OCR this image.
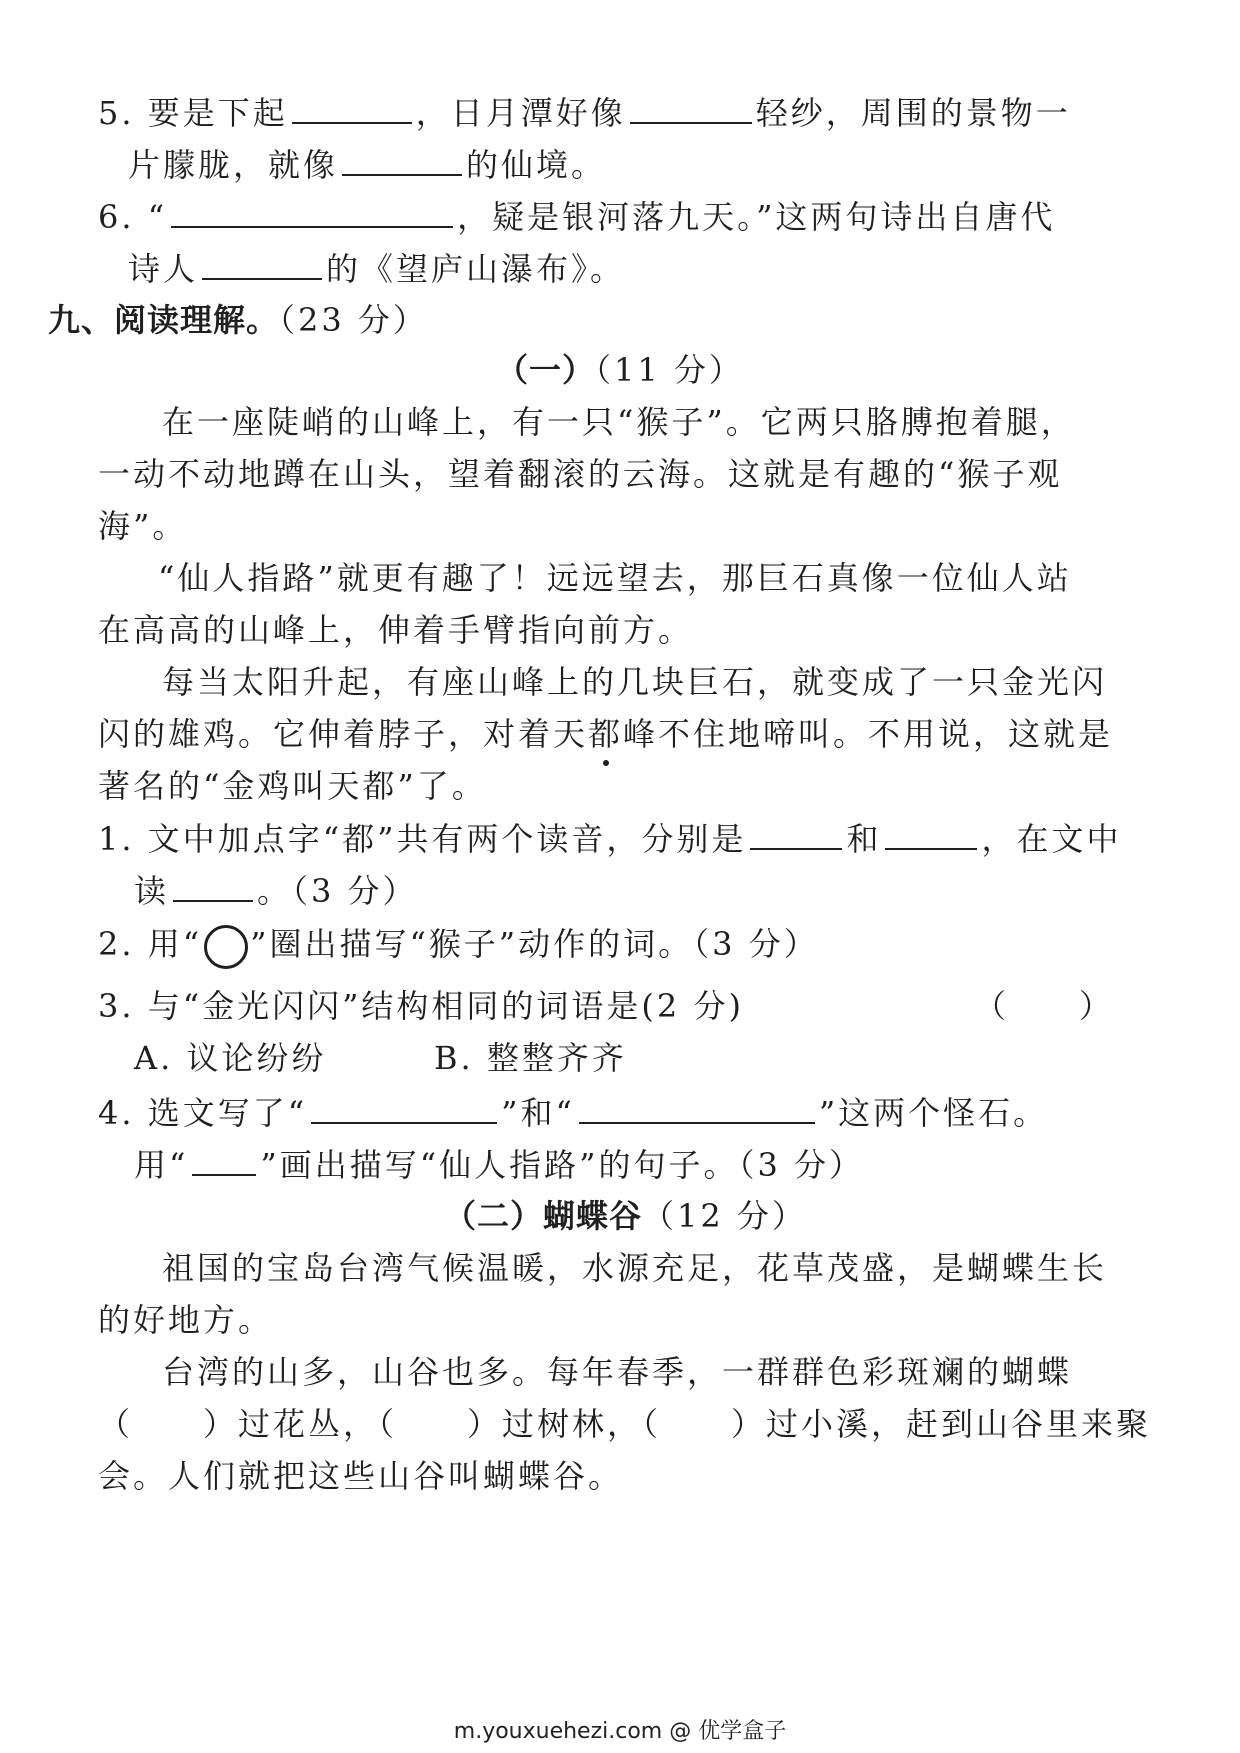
5. 要是下起	，日月潭好像	轻纱，周围的景物一
片朦胧，就像	的仙境。
6. “	，疑是银河落九天。”这两句诗出自唐代
诗人	的《望庐山瀑布》。
九、阅读理解。（23 分）
（一）（11 分）
在一座陡峭的山峰上，有一只“猴子”。它两只胳膊抱着腿，
一动不动地蹲在山头，望着翻滚的云海。这就是有趣的“猴子观
海”。
“仙人指路”就更有趣了！远远望去，那巨石真像一位仙人站
在高高的山峰上，伸着手臂指向前方。
每当太阳升起，有座山峰上的几块巨石，就变成了一只金光闪
闪的雄鸡。它伸着脖子，对着天都峰不住地啼叫。不用说，这就是
著名的“金鸡叫天都”了。
1. 文中加点字“都”共有两个读音，分别是	和	，在文中
读	。（3 分）
2. 用“ ”圈出描写“猴子”动作的词。（3 分）
3. 与“金光闪闪”结构相同的词语是(2 分)	（　　）
A. 议论纷纷	B. 整整齐齐
4. 选文写了“	”和“	”这两个怪石。
用“ ”画出描写“仙人指路”的句子。（3 分）
（二）蝴蝶谷（12 分）
祖国的宝岛台湾气候温暖，水源充足，花草茂盛，是蝴蝶生长
的好地方。
台湾的山多，山谷也多。每年春季，一群群色彩斑斓的蝴蝶
（　　）过花丛，（　　）过树林，（　　）过小溪，赶到山谷里来聚
会。人们就把这些山谷叫蝴蝶谷。
m.youxuehezi.com @ 优学盒子
